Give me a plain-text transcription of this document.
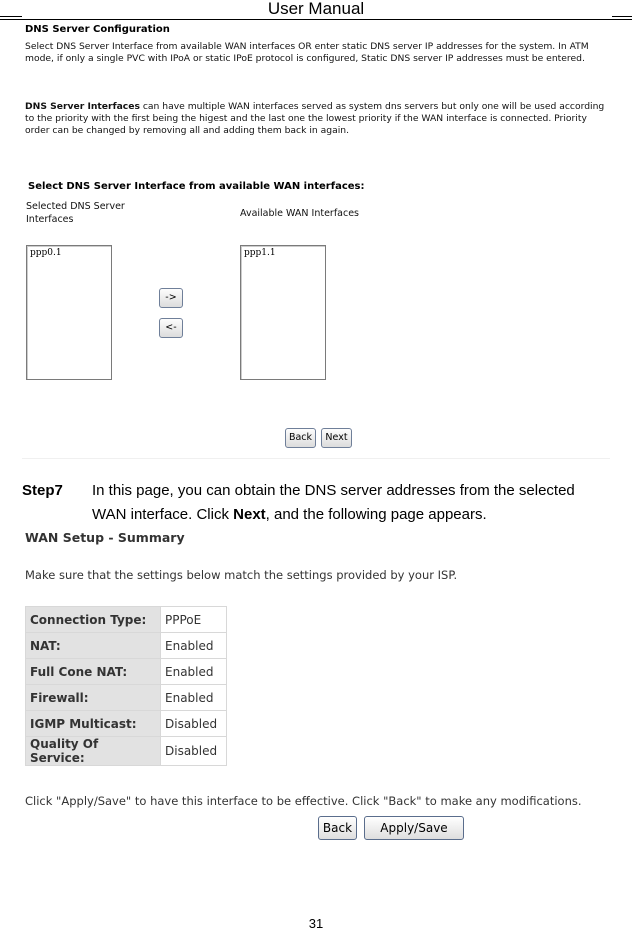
User Manual
DNS Server Configuration
Select DNS Server Interface from available WAN interfaces OR enter static DNS server IP addresses for the system. In ATM mode, if only a single PVC with IPoA or static IPoE protocol is configured, Static DNS server IP addresses must be entered.
DNS Server Interfaces can have multiple WAN interfaces served as system dns servers but only one will be used according to the priority with the first being the higest and the last one the lowest priority if the WAN interface is connected. Priority order can be changed by removing all and adding them back in again.
Select DNS Server Interface from available WAN interfaces:
Selected DNS Server
Interfaces
Available WAN Interfaces
ppp0.1	ppp1.1
->
<-
Back	Next
Step7 In this page, you can obtain the DNS server addresses from the selected
WAN interface. Click Next, and the following page appears.
WAN Setup - Summary
Make sure that the settings below match the settings provided by your ISP.
Connection Type:	PPPoE
NAT:	Enabled
Full Cone NAT:	Enabled
Firewall:	Enabled
IGMP Multicast:	Disabled
Quality Of Service:	Disabled
Click "Apply/Save" to have this interface to be effective. Click "Back" to make any modifications.
Back	Apply/Save
31
